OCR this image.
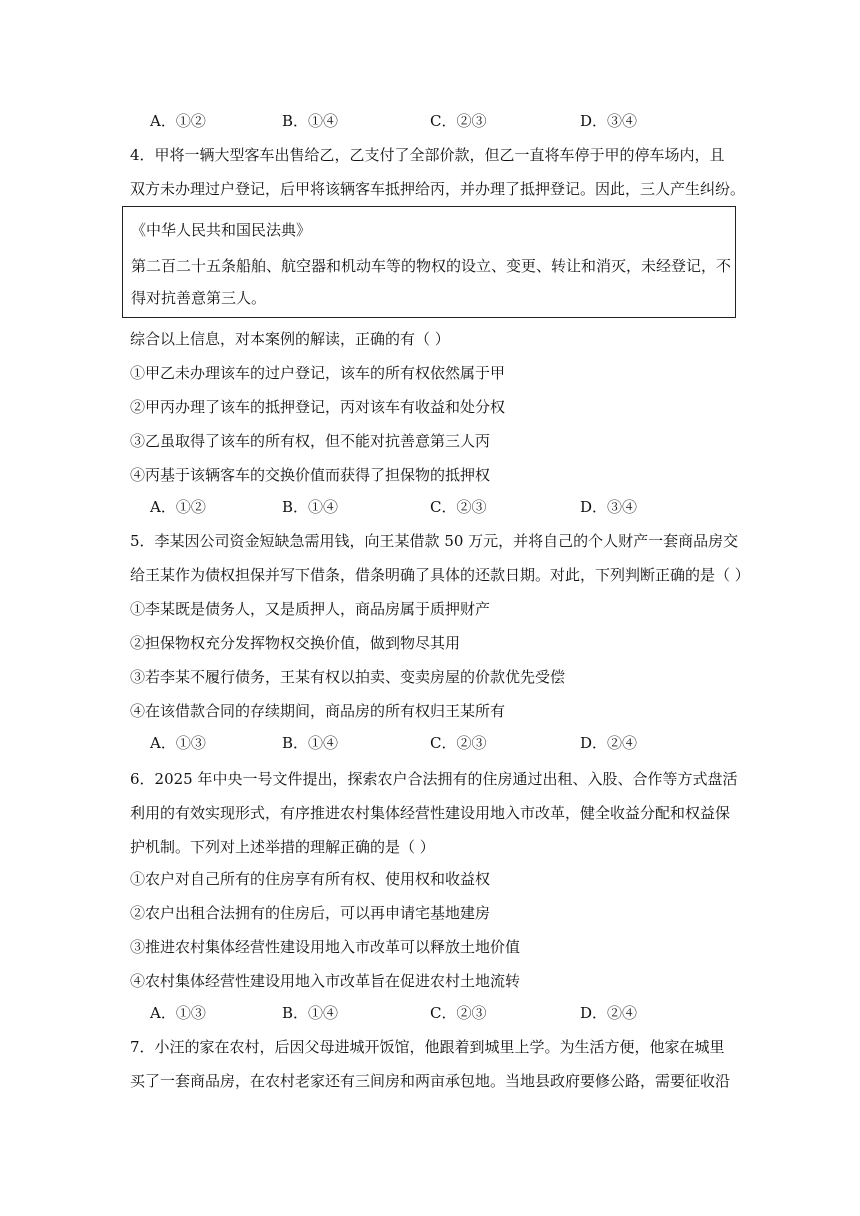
A．①②	B．①④	C．②③	D．③④
4．甲将一辆大型客车出售给乙，乙支付了全部价款，但乙一直将车停于甲的停车场内，且
双方未办理过户登记，后甲将该辆客车抵押给丙，并办理了抵押登记。因此，三人产生纠纷。
《中华人民共和国民法典》
第二百二十五条船舶、航空器和机动车等的物权的设立、变更、转让和消灭，未经登记，不
得对抗善意第三人。
综合以上信息，对本案例的解读，正确的有（ ）
①甲乙未办理该车的过户登记，该车的所有权依然属于甲
②甲丙办理了该车的抵押登记，丙对该车有收益和处分权
③乙虽取得了该车的所有权，但不能对抗善意第三人丙
④丙基于该辆客车的交换价值而获得了担保物的抵押权
A．①②	B．①④	C．②③	D．③④
5．李某因公司资金短缺急需用钱，向王某借款 50 万元，并将自己的个人财产一套商品房交
给王某作为债权担保并写下借条，借条明确了具体的还款日期。对此，下列判断正确的是（ ）
①李某既是债务人，又是质押人，商品房属于质押财产
②担保物权充分发挥物权交换价值，做到物尽其用
③若李某不履行债务，王某有权以拍卖、变卖房屋的价款优先受偿
④在该借款合同的存续期间，商品房的所有权归王某所有
A．①③	B．①④	C．②③	D．②④
6．2025 年中央一号文件提出，探索农户合法拥有的住房通过出租、入股、合作等方式盘活
利用的有效实现形式，有序推进农村集体经营性建设用地入市改革，健全收益分配和权益保
护机制。下列对上述举措的理解正确的是（ ）
①农户对自己所有的住房享有所有权、使用权和收益权
②农户出租合法拥有的住房后，可以再申请宅基地建房
③推进农村集体经营性建设用地入市改革可以释放土地价值
④农村集体经营性建设用地入市改革旨在促进农村土地流转
A．①③	B．①④	C．②③	D．②④
7．小汪的家在农村，后因父母进城开饭馆，他跟着到城里上学。为生活方便，他家在城里
买了一套商品房，在农村老家还有三间房和两亩承包地。当地县政府要修公路，需要征收沿
